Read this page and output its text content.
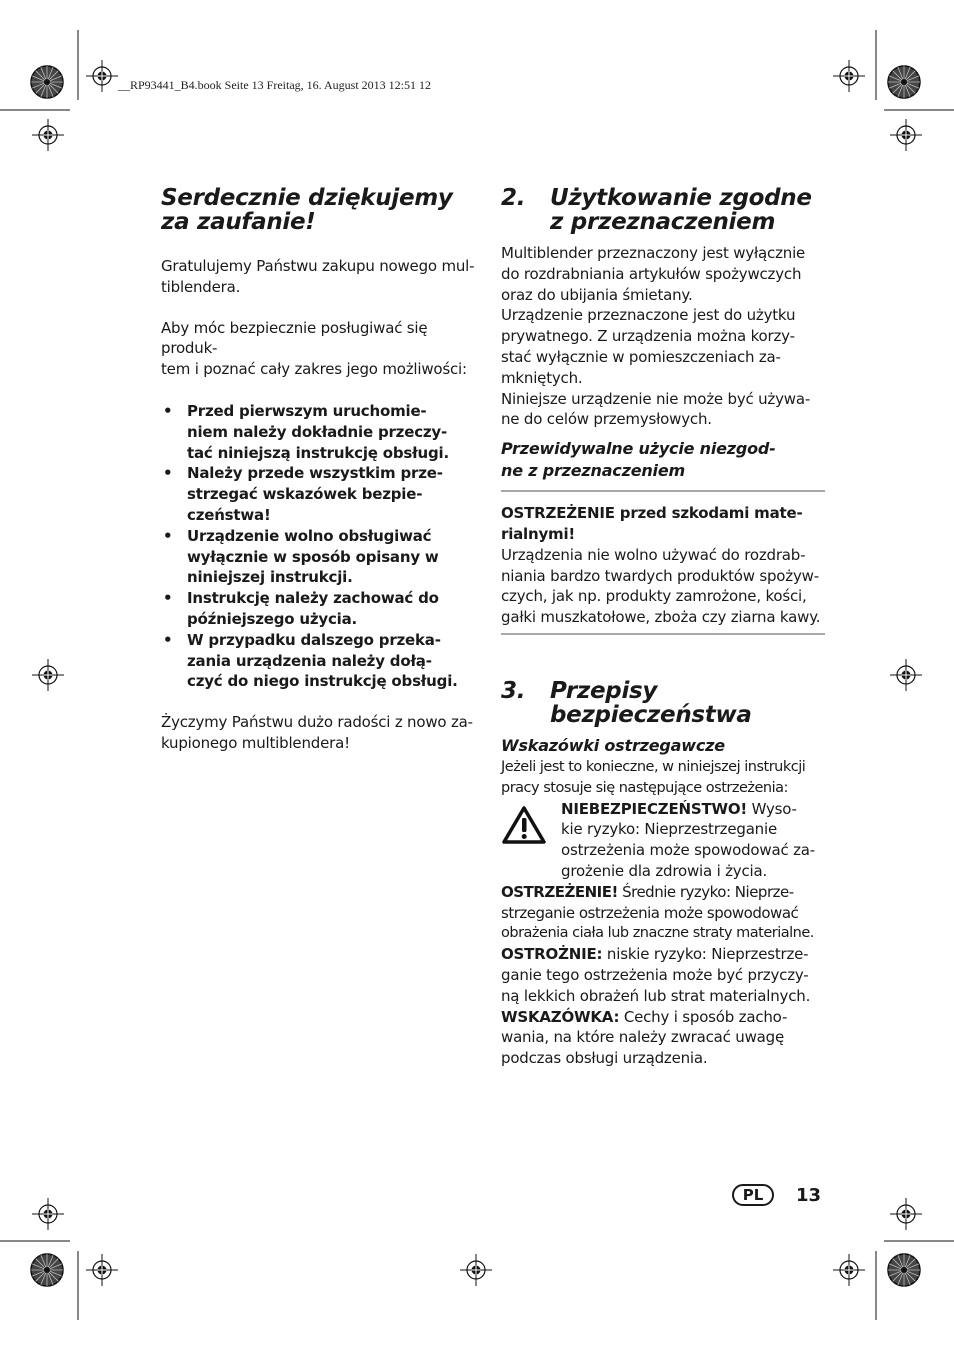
__RP93441_B4.book Seite 13 Freitag, 16. August 2013 12:51 12
Serdecznie dziękujemy
za zaufanie!
Gratulujemy Państwu zakupu nowego mul-
tiblendera.
Aby móc bezpiecznie posługiwać się produk-
tem i poznać cały zakres jego możliwości:
• Przed pierwszym uruchomie-
niem należy dokładnie przeczy-
tać niniejszą instrukcję obsługi.
• Należy przede wszystkim prze-
strzegać wskazówek bezpie-
czeństwa!
• Urządzenie wolno obsługiwać
wyłącznie w sposób opisany w
niniejszej instrukcji.
• Instrukcję należy zachować do
późniejszego użycia.
• W przypadku dalszego przeka-
zania urządzenia należy dołą-
czyć do niego instrukcję obsługi.
Życzymy Państwu dużo radości z nowo za-
kupionego multiblendera!
2.	Użytkowanie zgodne
z przeznaczeniem
Multiblender przeznaczony jest wyłącznie
do rozdrabniania artykułów spożywczych
oraz do ubijania śmietany.
Urządzenie przeznaczone jest do użytku
prywatnego. Z urządzenia można korzy-
stać wyłącznie w pomieszczeniach za-
mkniętych.
Niniejsze urządzenie nie może być używa-
ne do celów przemysłowych.
Przewidywalne użycie niezgod-
ne z przeznaczeniem
OSTRZEŻENIE przed szkodami mate-
rialnymi!
Urządzenia nie wolno używać do rozdrab-
niania bardzo twardych produktów spożyw-
czych, jak np. produkty zamrożone, kości,
gałki muszkatołowe, zboża czy ziarna kawy.
3.	Przepisy
bezpieczeństwa
Wskazówki ostrzegawcze
Jeżeli jest to konieczne, w niniejszej instrukcji
pracy stosuje się następujące ostrzeżenia:
NIEBEZPIECZEŃSTWO! Wyso-
kie ryzyko: Nieprzestrzeganie
ostrzeżenia może spowodować za-
grożenie dla zdrowia i życia.
OSTRZEŻENIE! Średnie ryzyko: Nieprze-
strzeganie ostrzeżenia może spowodować
obrażenia ciała lub znaczne straty materialne.
OSTROŻNIE: niskie ryzyko: Nieprzestrze-
ganie tego ostrzeżenia może być przyczy-
ną lekkich obrażeń lub strat materialnych.
WSKAZÓWKA: Cechy i sposób zacho-
wania, na które należy zwracać uwagę
podczas obsługi urządzenia.
PL	13
